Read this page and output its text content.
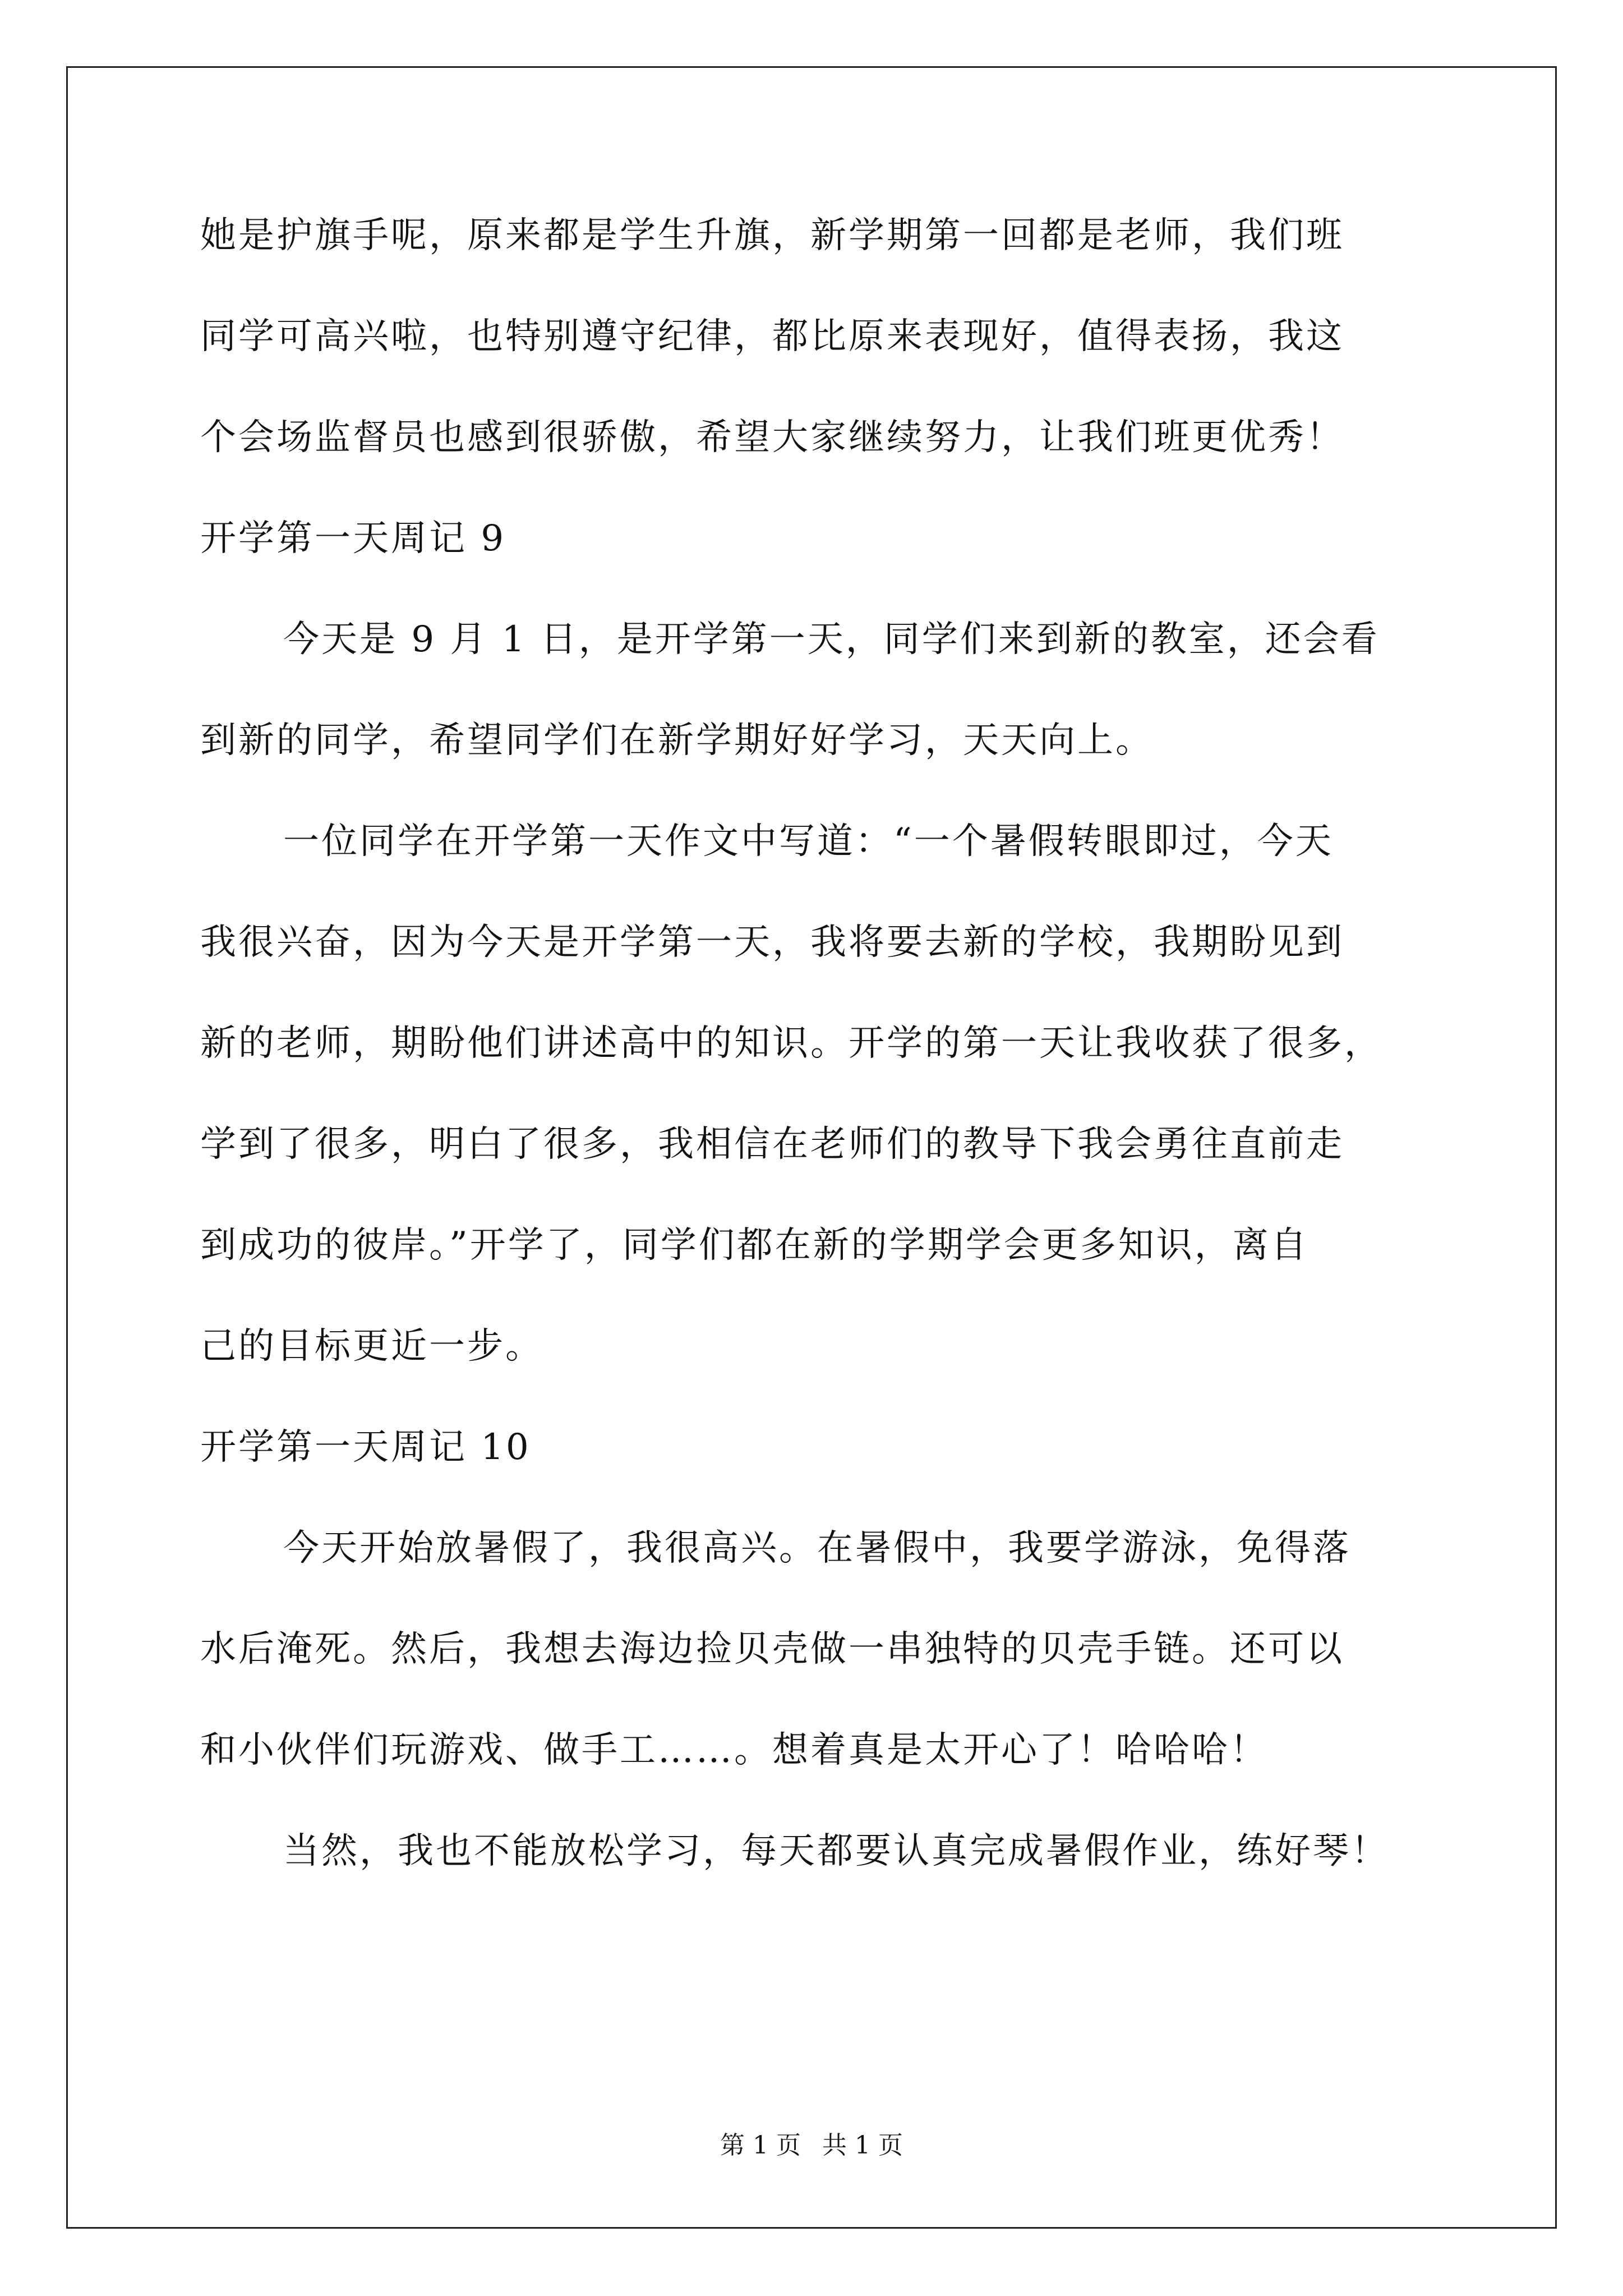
她是护旗手呢，原来都是学生升旗，新学期第一回都是老师，我们班
同学可高兴啦，也特别遵守纪律，都比原来表现好，值得表扬，我这
个会场监督员也感到很骄傲，希望大家继续努力，让我们班更优秀！
开学第一天周记 9
今天是 9 月 1 日，是开学第一天，同学们来到新的教室，还会看
到新的同学，希望同学们在新学期好好学习，天天向上。
一位同学在开学第一天作文中写道：“一个暑假转眼即过，今天
我很兴奋，因为今天是开学第一天，我将要去新的学校，我期盼见到
新的老师，期盼他们讲述高中的知识。开学的第一天让我收获了很多，
学到了很多，明白了很多，我相信在老师们的教导下我会勇往直前走
到成功的彼岸。”开学了，同学们都在新的学期学会更多知识，离自
己的目标更近一步。
开学第一天周记 10
今天开始放暑假了，我很高兴。在暑假中，我要学游泳，免得落
水后淹死。然后，我想去海边捡贝壳做一串独特的贝壳手链。还可以
和小伙伴们玩游戏、做手工……。想着真是太开心了！哈哈哈！
当然，我也不能放松学习，每天都要认真完成暑假作业，练好琴！
第 1 页 共 1 页
